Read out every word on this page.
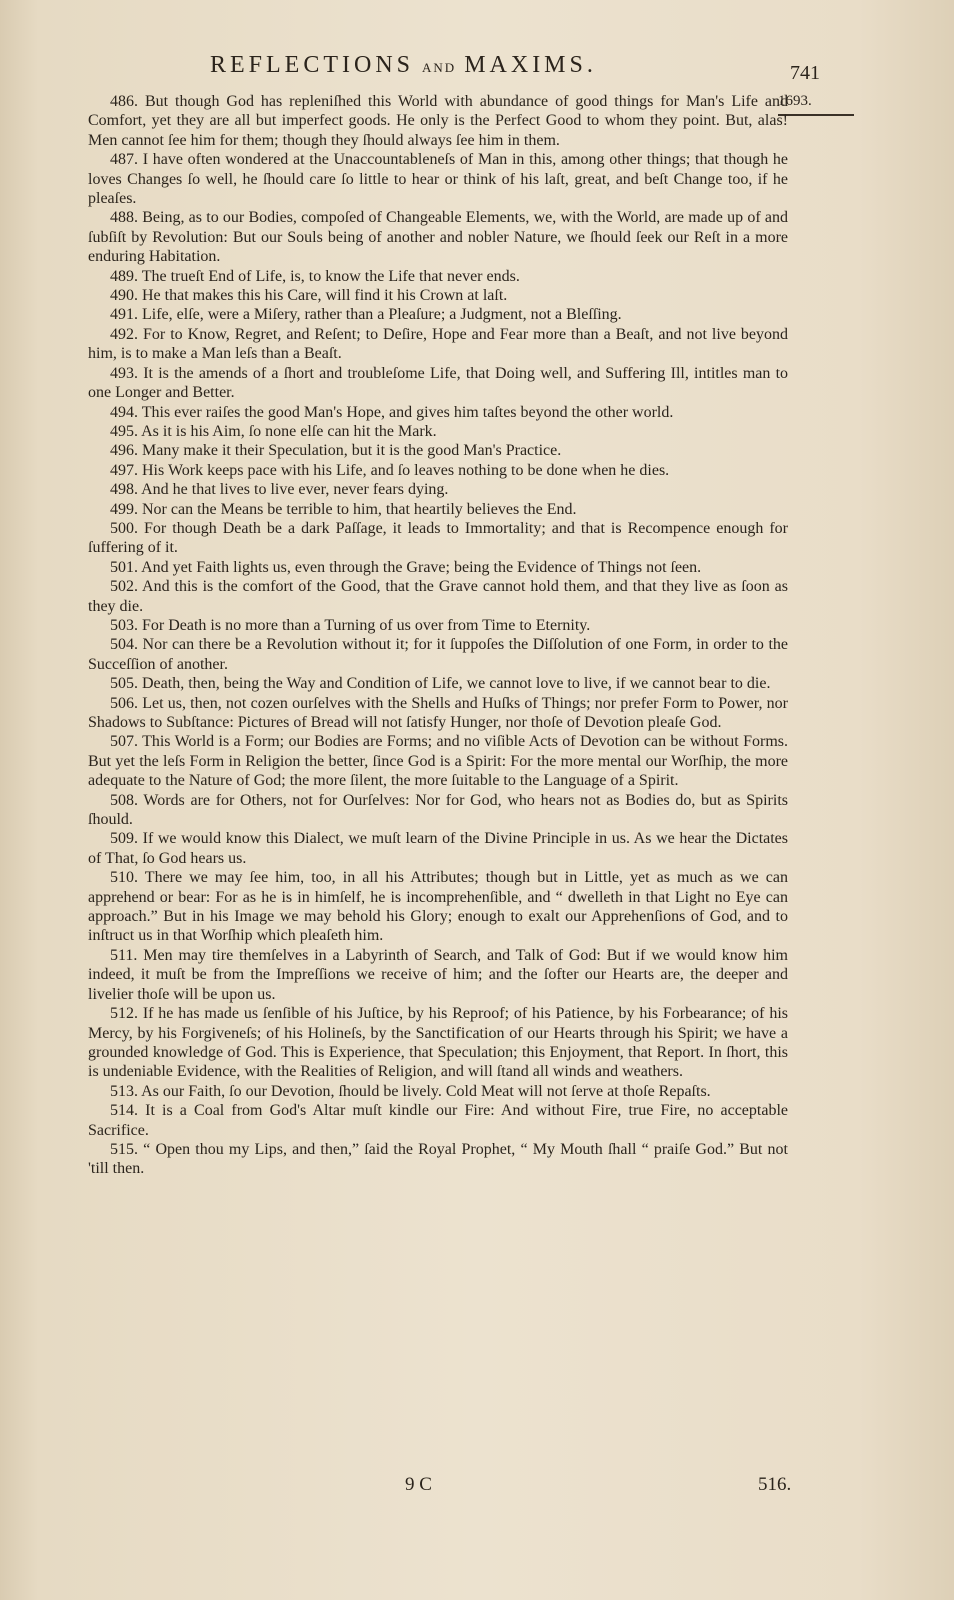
REFLECTIONS AND MAXIMS.	741
1693.

486. But though God has repleniſhed this World with abundance of good things for Man's Life and Comfort, yet they are all but imperfect goods. He only is the Perfect Good to whom they point. But, alas! Men cannot ſee him for them; though they ſhould always ſee him in them.

487. I have often wondered at the Unaccountableneſs of Man in this, among other things; that though he loves Changes ſo well, he ſhould care ſo little to hear or think of his laſt, great, and beſt Change too, if he pleaſes.

488. Being, as to our Bodies, compoſed of Changeable Elements, we, with the World, are made up of and ſubſiſt by Revolution: But our Souls being of another and nobler Nature, we ſhould ſeek our Reſt in a more enduring Habitation.

489. The trueſt End of Life, is, to know the Life that never ends.

490. He that makes this his Care, will find it his Crown at laſt.

491. Life, elſe, were a Miſery, rather than a Pleaſure; a Judgment, not a Bleſſing.

492. For to Know, Regret, and Reſent; to Deſire, Hope and Fear more than a Beaſt, and not live beyond him, is to make a Man leſs than a Beaſt.

493. It is the amends of a ſhort and troubleſome Life, that Doing well, and Suffering Ill, intitles man to one Longer and Better.

494. This ever raiſes the good Man's Hope, and gives him taſtes beyond the other world.

495. As it is his Aim, ſo none elſe can hit the Mark.

496. Many make it their Speculation, but it is the good Man's Practice.

497. His Work keeps pace with his Life, and ſo leaves nothing to be done when he dies.

498. And he that lives to live ever, never fears dying.

499. Nor can the Means be terrible to him, that heartily believes the End.

500. For though Death be a dark Paſſage, it leads to Immortality; and that is Recompence enough for ſuffering of it.

501. And yet Faith lights us, even through the Grave; being the Evidence of Things not ſeen.

502. And this is the comfort of the Good, that the Grave cannot hold them, and that they live as ſoon as they die.

503. For Death is no more than a Turning of us over from Time to Eternity.

504. Nor can there be a Revolution without it; for it ſuppoſes the Diſſolution of one Form, in order to the Succeſſion of another.

505. Death, then, being the Way and Condition of Life, we cannot love to live, if we cannot bear to die.

506. Let us, then, not cozen ourſelves with the Shells and Huſks of Things; nor prefer Form to Power, nor Shadows to Subſtance: Pictures of Bread will not ſatisfy Hunger, nor thoſe of Devotion pleaſe God.

507. This World is a Form; our Bodies are Forms; and no viſible Acts of Devotion can be without Forms. But yet the leſs Form in Religion the better, ſince God is a Spirit: For the more mental our Worſhip, the more adequate to the Nature of God; the more ſilent, the more ſuitable to the Language of a Spirit.

508. Words are for Others, not for Ourſelves: Nor for God, who hears not as Bodies do, but as Spirits ſhould.

509. If we would know this Dialect, we muſt learn of the Divine Principle in us. As we hear the Dictates of That, ſo God hears us.

510. There we may ſee him, too, in all his Attributes; though but in Little, yet as much as we can apprehend or bear: For as he is in himſelf, he is incomprehenſible, and “ dwelleth in that Light no Eye can approach.” But in his Image we may behold his Glory; enough to exalt our Apprehenſions of God, and to inſtruct us in that Worſhip which pleaſeth him.

511. Men may tire themſelves in a Labyrinth of Search, and Talk of God: But if we would know him indeed, it muſt be from the Impreſſions we receive of him; and the ſofter our Hearts are, the deeper and livelier thoſe will be upon us.

512. If he has made us ſenſible of his Juſtice, by his Reproof; of his Patience, by his Forbearance; of his Mercy, by his Forgiveneſs; of his Holineſs, by the Sanctification of our Hearts through his Spirit; we have a grounded knowledge of God. This is Experience, that Speculation; this Enjoyment, that Report. In ſhort, this is undeniable Evidence, with the Realities of Religion, and will ſtand all winds and weathers.

513. As our Faith, ſo our Devotion, ſhould be lively. Cold Meat will not ſerve at thoſe Repaſts.

514. It is a Coal from God's Altar muſt kindle our Fire: And without Fire, true Fire, no acceptable Sacrifice.

515. “ Open thou my Lips, and then,” ſaid the Royal Prophet, “ My Mouth ſhall “ praiſe God.” But not 'till then.

9 C	516.
